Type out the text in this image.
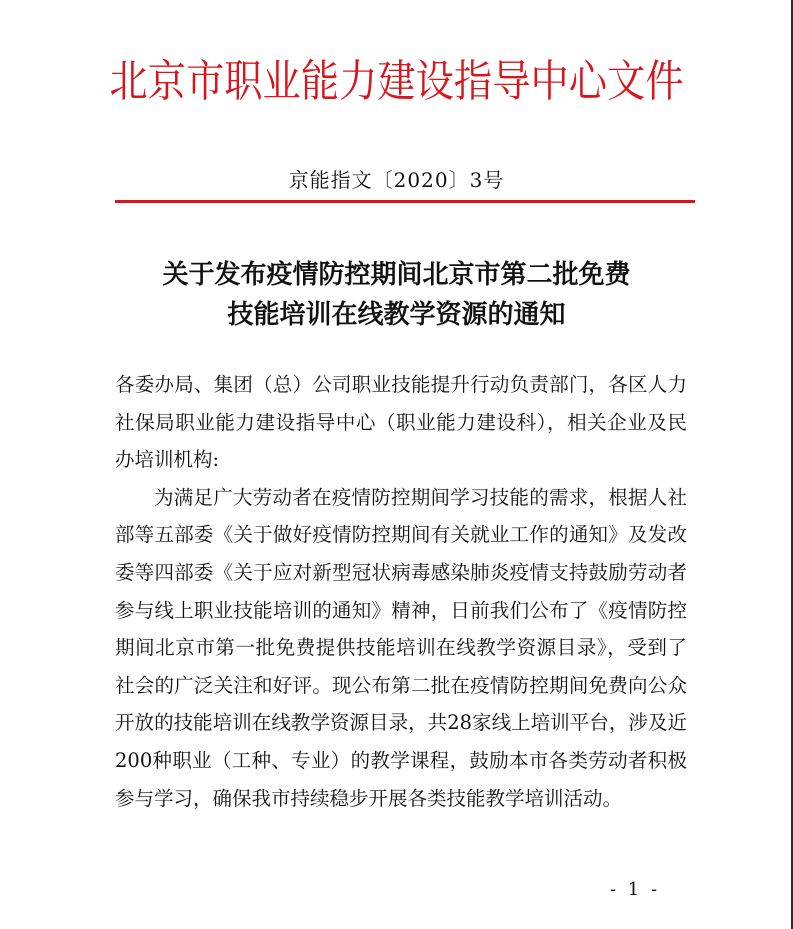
北京市职业能力建设指导中心文件
京能指文〔2020〕3号
关于发布疫情防控期间北京市第二批免费
技能培训在线教学资源的通知

各委办局、集团（总）公司职业技能提升行动负责部门，各区人力社保局职业能力建设指导中心（职业能力建设科），相关企业及民办培训机构:

为满足广大劳动者在疫情防控期间学习技能的需求，根据人社部等五部委《关于做好疫情防控期间有关就业工作的通知》及发改委等四部委《关于应对新型冠状病毒感染肺炎疫情支持鼓励劳动者参与线上职业技能培训的通知》精神，日前我们公布了《疫情防控期间北京市第一批免费提供技能培训在线教学资源目录》，受到了社会的广泛关注和好评。现公布第二批在疫情防控期间免费向公众开放的技能培训在线教学资源目录，共28家线上培训平台，涉及近200种职业（工种、专业）的教学课程，鼓励本市各类劳动者积极参与学习，确保我市持续稳步开展各类技能教学培训活动。

- 1 -
